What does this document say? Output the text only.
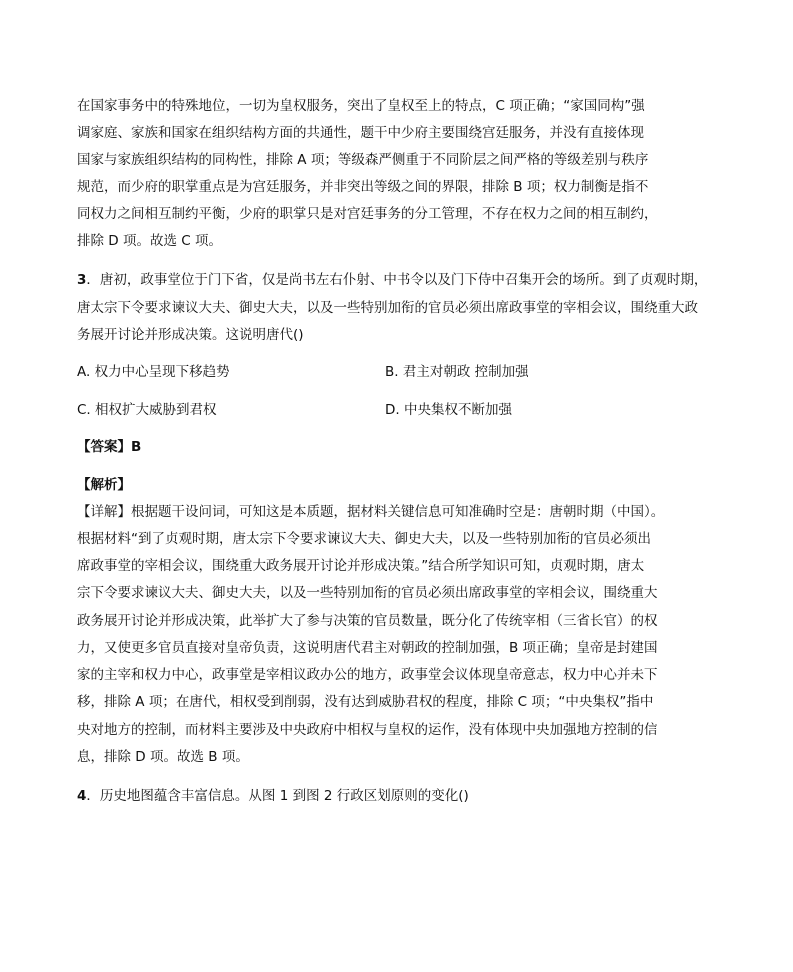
在国家事务中的特殊地位，一切为皇权服务，突出了皇权至上的特点，C 项正确；“家国同构”强
调家庭、家族和国家在组织结构方面的共通性，题干中少府主要围绕宫廷服务，并没有直接体现
国家与家族组织结构的同构性，排除 A 项；等级森严侧重于不同阶层之间严格的等级差别与秩序
规范，而少府的职掌重点是为宫廷服务，并非突出等级之间的界限，排除 B 项；权力制衡是指不
同权力之间相互制约平衡，少府的职掌只是对宫廷事务的分工管理，不存在权力之间的相互制约，
排除 D 项。故选 C 项。
3．唐初，政事堂位于门下省，仅是尚书左右仆射、中书令以及门下侍中召集开会的场所。到了贞观时期，
唐太宗下令要求谏议大夫、御史大夫，以及一些特别加衔的官员必须出席政事堂的宰相会议，围绕重大政
务展开讨论并形成决策。这说明唐代()
A. 权力中心呈现下移趋势	B. 君主对朝政 控制加强
C. 相权扩大威胁到君权	D. 中央集权不断加强
【答案】B
【解析】
【详解】根据题干设问词，可知这是本质题，据材料关键信息可知准确时空是：唐朝时期（中国）。
根据材料“到了贞观时期，唐太宗下令要求谏议大夫、御史大夫，以及一些特别加衔的官员必须出
席政事堂的宰相会议，围绕重大政务展开讨论并形成决策。”结合所学知识可知，贞观时期，唐太
宗下令要求谏议大夫、御史大夫，以及一些特别加衔的官员必须出席政事堂的宰相会议，围绕重大
政务展开讨论并形成决策，此举扩大了参与决策的官员数量，既分化了传统宰相（三省长官）的权
力，又使更多官员直接对皇帝负责，这说明唐代君主对朝政的控制加强，B 项正确；皇帝是封建国
家的主宰和权力中心，政事堂是宰相议政办公的地方，政事堂会议体现皇帝意志，权力中心并未下
移，排除 A 项；在唐代，相权受到削弱，没有达到威胁君权的程度，排除 C 项；“中央集权”指中
央对地方的控制，而材料主要涉及中央政府中相权与皇权的运作，没有体现中央加强地方控制的信
息，排除 D 项。故选 B 项。
4．历史地图蕴含丰富信息。从图 1 到图 2 行政区划原则的变化()
